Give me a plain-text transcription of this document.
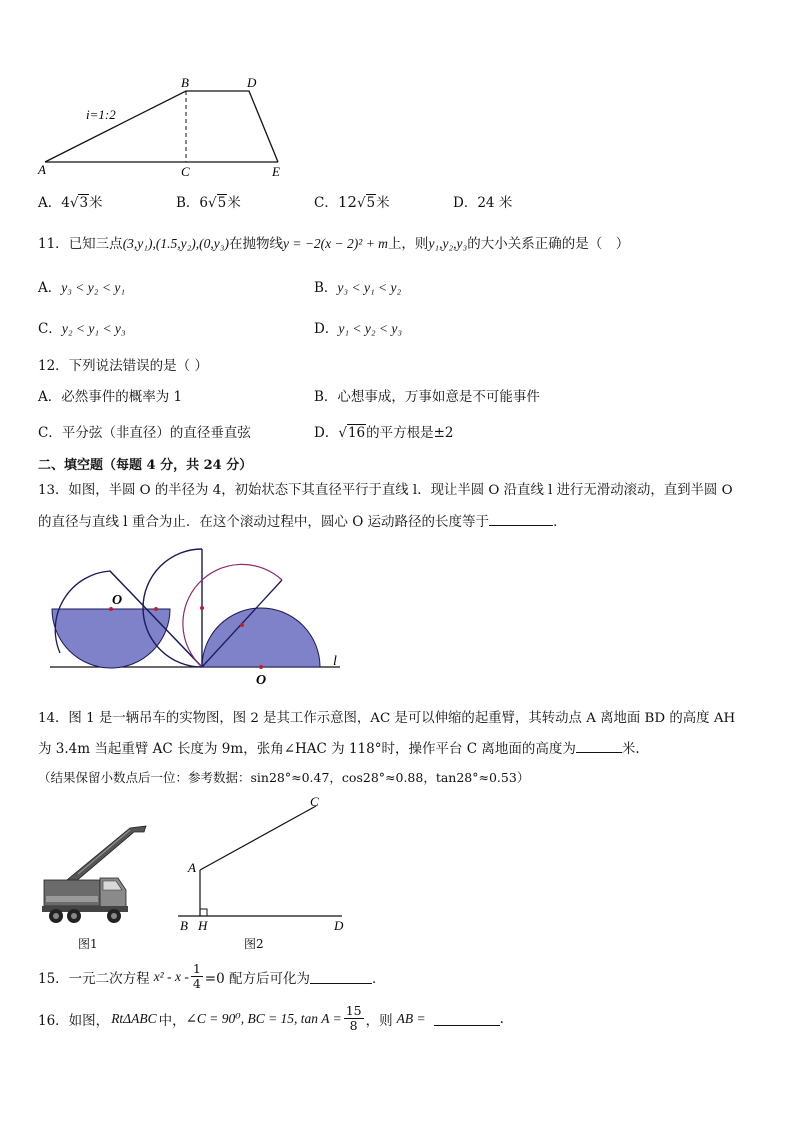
A
B
C
D
E
i=1:2
A．4√3米	B．6√5米	C．12√5米	D．24 米
11．已知三点(3,y₁),(1.5,y₂),(0,y₃)在抛物线y = −2(x − 2)² + m上，则y₁,y₂,y₃的大小关系正确的是（　）
A．y₃ < y₂ < y₁	B．y₃ < y₁ < y₂
C．y₂ < y₁ < y₃	D．y₁ < y₂ < y₃
12．下列说法错误的是（ ）
A．必然事件的概率为 1	B．心想事成，万事如意是不可能事件
C．平分弦（非直径）的直径垂直弦	D．√16的平方根是±2
二、填空题（每题 4 分，共 24 分）
13．如图，半圆 O 的半径为 4，初始状态下其直径平行于直线 l．现让半圆 O 沿直线 l 进行无滑动滚动，直到半圆 O
的直径与直线 l 重合为止．在这个滚动过程中，圆心 O 运动路径的长度等于	．
O
O
l
14．图 1 是一辆吊车的实物图，图 2 是其工作示意图，AC 是可以伸缩的起重臂，其转动点 A 离地面 BD 的高度 AH
为 3.4m 当起重臂 AC 长度为 9m，张角∠HAC 为 118°时，操作平台 C 离地面的高度为	米.
（结果保留小数点后一位：参考数据：sin28°≈0.47，cos28°≈0.88，tan28°≈0.53）
图1
C
A
B H	D
图2
15．一元二次方程 $x^2 - x - \frac{1}{4} =0$ 配方后可化为	．
16．如图， RtΔABC 中， ∠C = 90⁰, BC = 15, $\tan A = \frac{15}{8}$ ，则 AB =	.
